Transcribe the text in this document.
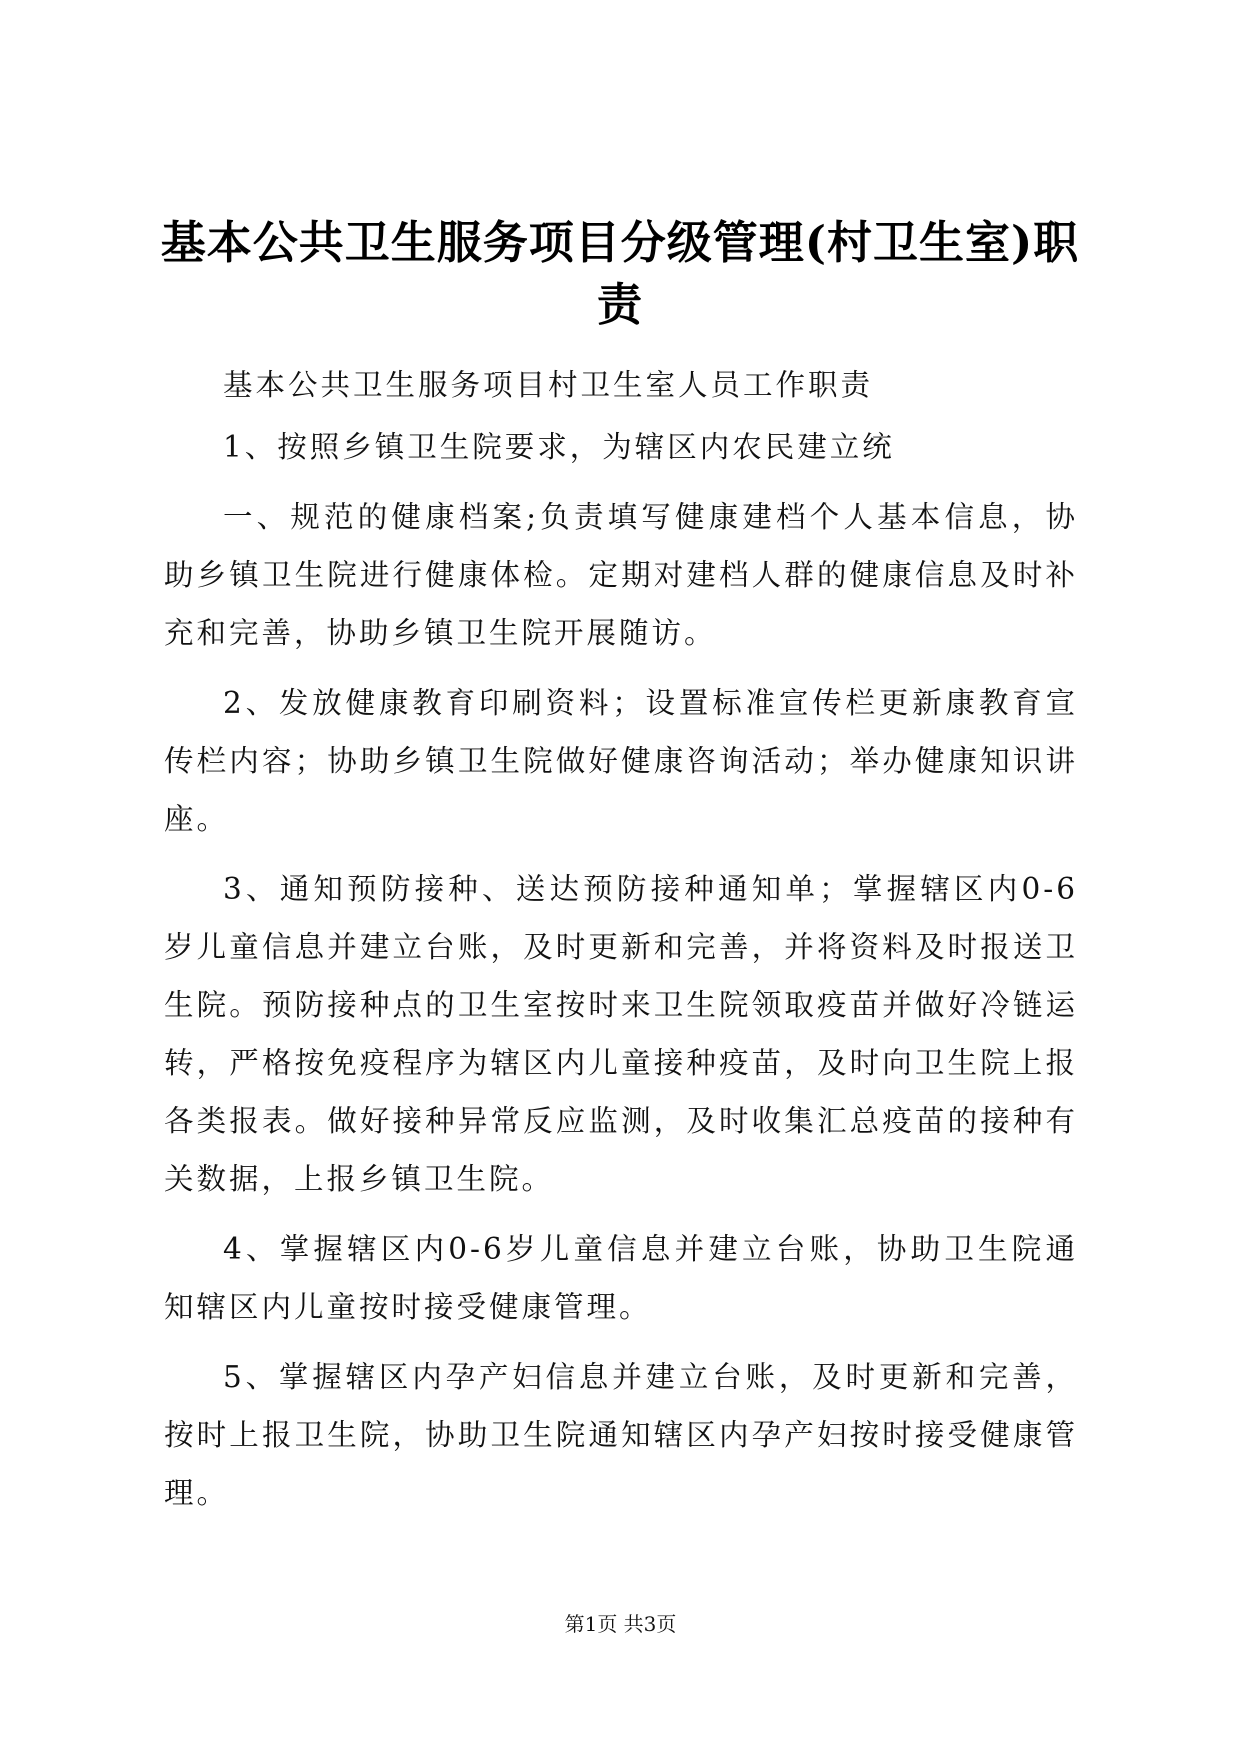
基本公共卫生服务项目分级管理(村卫生室)职责

基本公共卫生服务项目村卫生室人员工作职责

1、按照乡镇卫生院要求，为辖区内农民建立统

一、规范的健康档案;负责填写健康建档个人基本信息，协助乡镇卫生院进行健康体检。定期对建档人群的健康信息及时补充和完善，协助乡镇卫生院开展随访。

2、发放健康教育印刷资料；设置标准宣传栏更新康教育宣传栏内容；协助乡镇卫生院做好健康咨询活动；举办健康知识讲座。

3、通知预防接种、送达预防接种通知单；掌握辖区内0-6岁儿童信息并建立台账，及时更新和完善，并将资料及时报送卫生院。预防接种点的卫生室按时来卫生院领取疫苗并做好冷链运转，严格按免疫程序为辖区内儿童接种疫苗，及时向卫生院上报各类报表。做好接种异常反应监测，及时收集汇总疫苗的接种有关数据，上报乡镇卫生院。

4、掌握辖区内0-6岁儿童信息并建立台账，协助卫生院通知辖区内儿童按时接受健康管理。

5、掌握辖区内孕产妇信息并建立台账，及时更新和完善，按时上报卫生院，协助卫生院通知辖区内孕产妇按时接受健康管理。

第1页 共3页
